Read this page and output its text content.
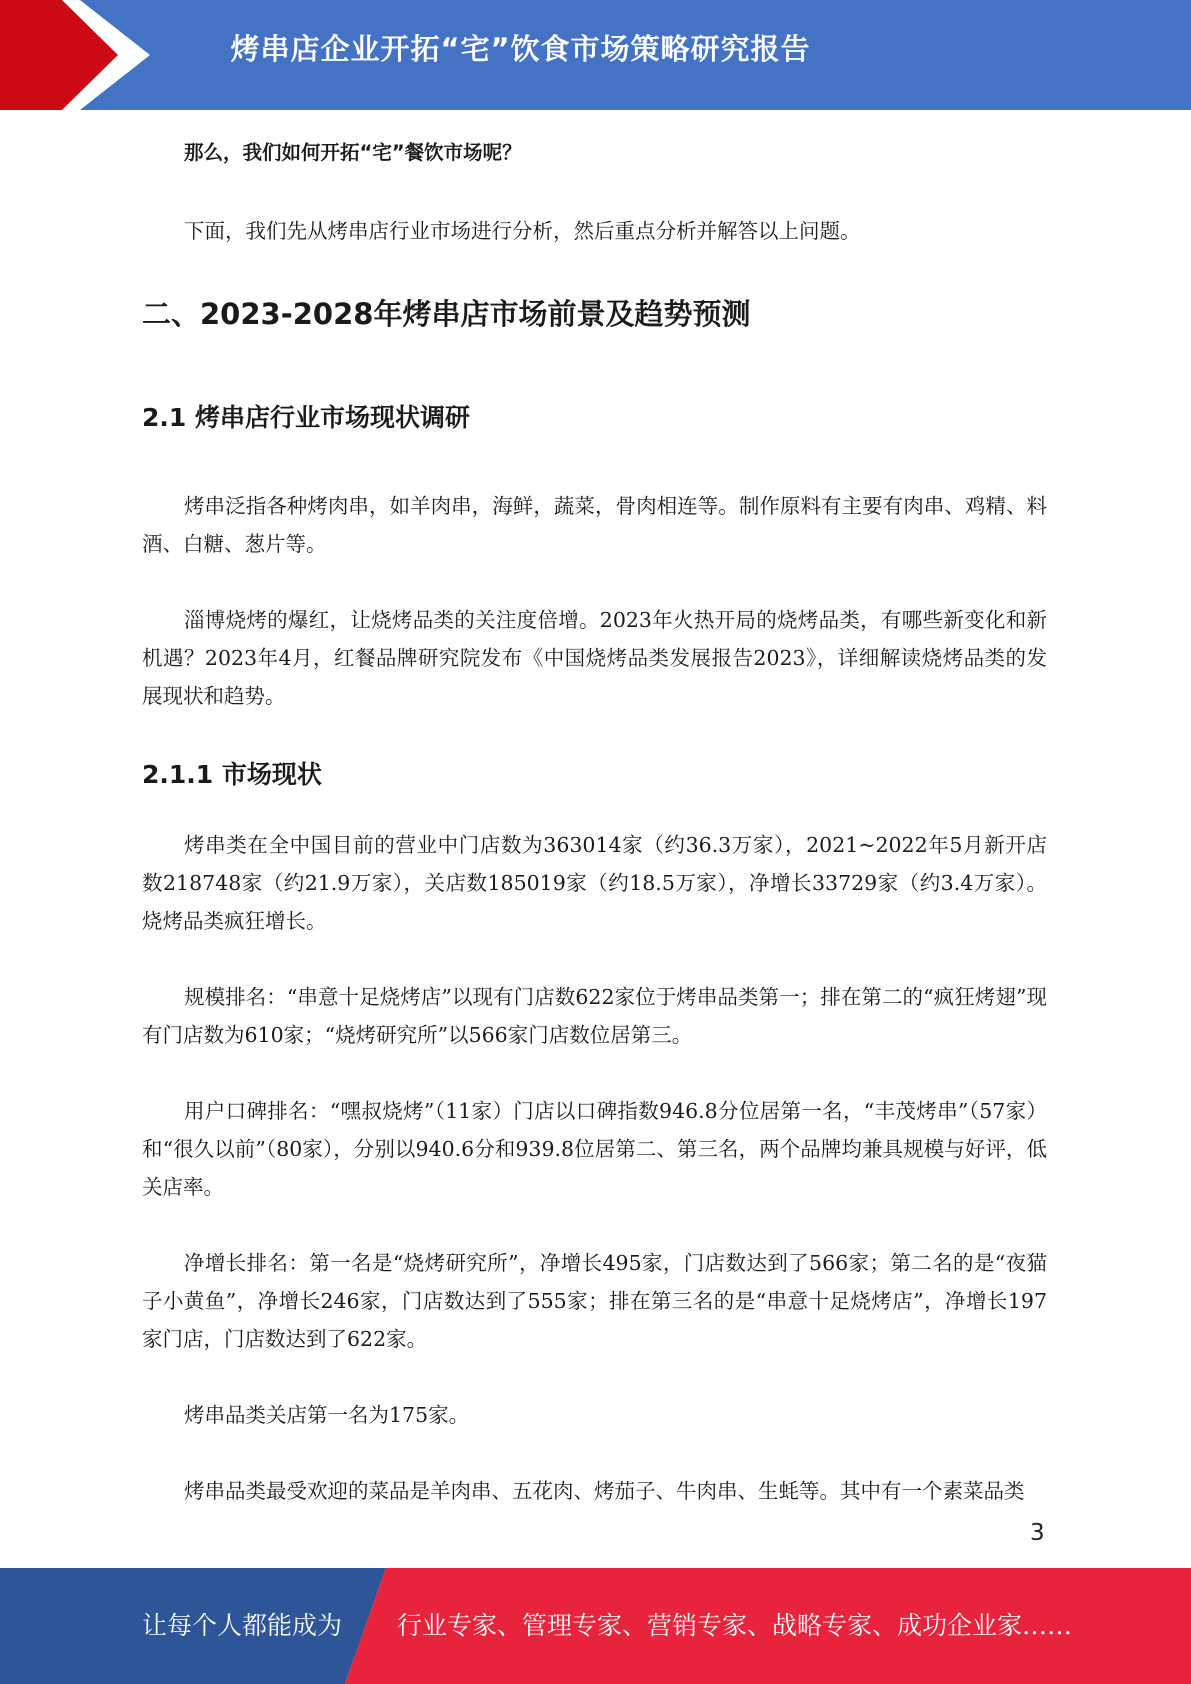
烤串店企业开拓“宅”饮食市场策略研究报告

那么，我们如何开拓“宅”餐饮市场呢？

下面，我们先从烤串店行业市场进行分析，然后重点分析并解答以上问题。

二、2023-2028年烤串店市场前景及趋势预测
2.1 烤串店行业市场现状调研

烤串泛指各种烤肉串，如羊肉串，海鲜，蔬菜，骨肉相连等。制作原料有主要有肉串、鸡精、料酒、白糖、葱片等。

淄博烧烤的爆红，让烧烤品类的关注度倍增。2023年火热开局的烧烤品类，有哪些新变化和新机遇？2023年4月，红餐品牌研究院发布《中国烧烤品类发展报告2023》，详细解读烧烤品类的发展现状和趋势。

2.1.1 市场现状

烤串类在全中国目前的营业中门店数为363014家（约36.3万家），2021~2022年5月新开店数218748家（约21.9万家），关店数185019家（约18.5万家），净增长33729家（约3.4万家）。烧烤品类疯狂增长。

规模排名：“串意十足烧烤店”以现有门店数622家位于烤串品类第一；排在第二的“疯狂烤翅”现有门店数为610家；“烧烤研究所”以566家门店数位居第三。

用户口碑排名：“嘿叔烧烤”（11家）门店以口碑指数946.8分位居第一名，“丰茂烤串”（57家）和“很久以前”（80家），分别以940.6分和939.8位居第二、第三名，两个品牌均兼具规模与好评，低关店率。

净增长排名：第一名是“烧烤研究所”，净增长495家，门店数达到了566家；第二名的是“夜猫子小黄鱼”，净增长246家，门店数达到了555家；排在第三名的是“串意十足烧烤店”，净增长197家门店，门店数达到了622家。

烤串品类关店第一名为175家。

烤串品类最受欢迎的菜品是羊肉串、五花肉、烤茄子、牛肉串、生蚝等。其中有一个素菜品类

3
让每个人都能成为 行业专家、管理专家、营销专家、战略专家、成功企业家……
